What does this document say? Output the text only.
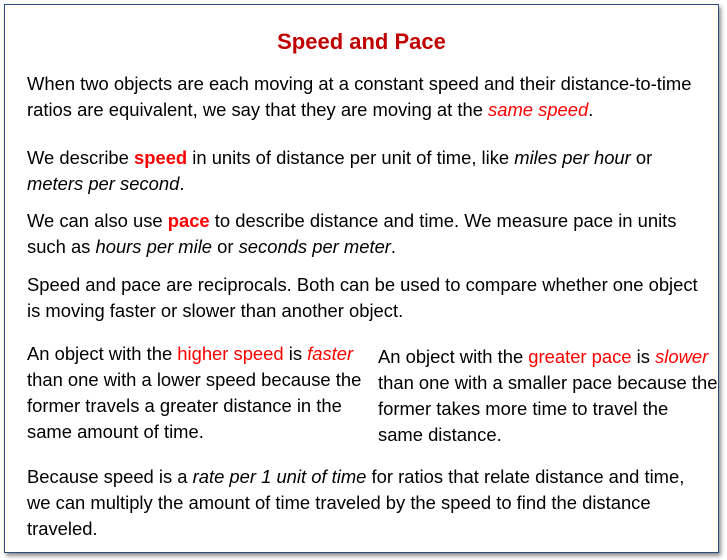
Speed and Pace

When two objects are each moving at a constant speed and their distance-to-time ratios are equivalent, we say that they are moving at the same speed.

We describe speed in units of distance per unit of time, like miles per hour or meters per second.

We can also use pace to describe distance and time. We measure pace in units such as hours per mile or seconds per meter.

Speed and pace are reciprocals. Both can be used to compare whether one object is moving faster or slower than another object.

An object with the higher speed is faster than one with a lower speed because the former travels a greater distance in the same amount of time.

An object with the greater pace is slower than one with a smaller pace because the former takes more time to travel the same distance.

Because speed is a rate per 1 unit of time for ratios that relate distance and time, we can multiply the amount of time traveled by the speed to find the distance traveled.
